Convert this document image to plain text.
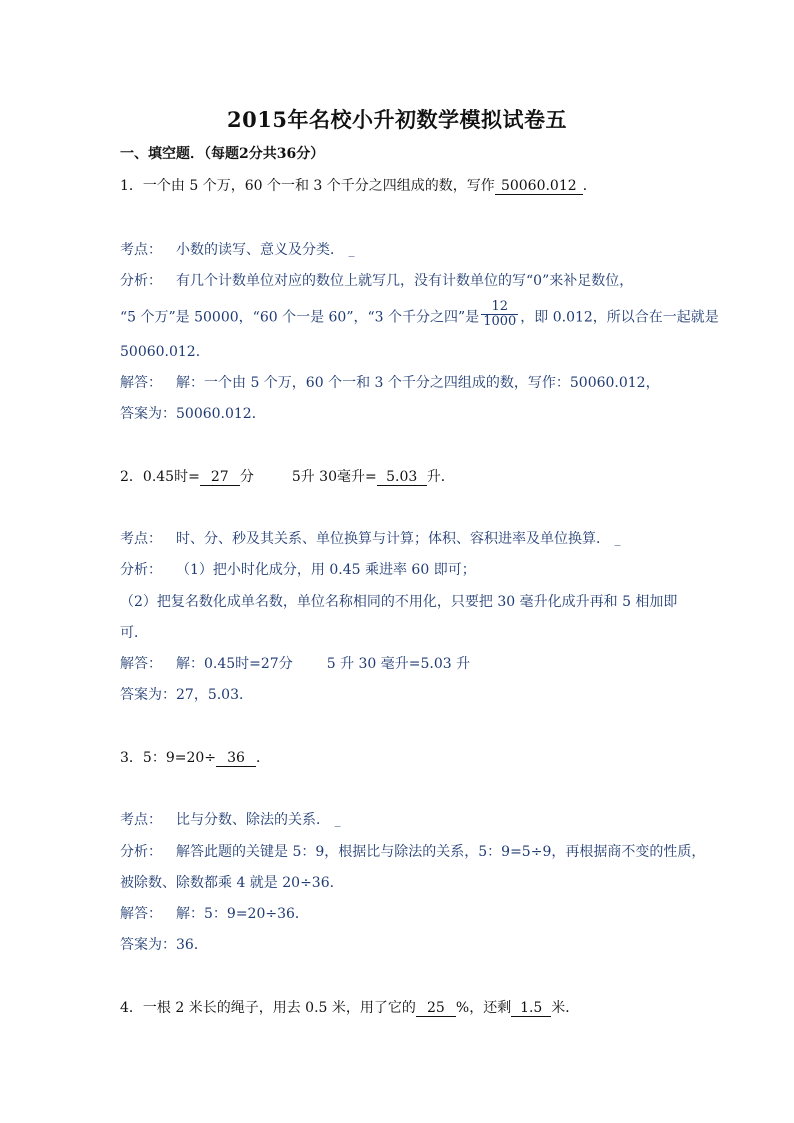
2015年名校小升初数学模拟试卷五
一、填空题．（每题2分共36分）
1．一个由 5 个万，60 个一和 3 个千分之四组成的数，写作 50060.012 ．
考点： 小数的读写、意义及分类． _
分析： 有几个计数单位对应的数位上就写几，没有计数单位的写“0”来补足数位，
“5 个万”是 50000，“60 个一是 60”，“3 个千分之四”是 $\frac{12}{1000}$ ，即 0.012，所以合在一起就是
50060.012．
解答： 解：一个由 5 个万，60 个一和 3 个千分之四组成的数，写作：50060.012，
答案为：50060.012．
2．0.45时= 27 分	5升 30毫升= 5.03 升．
考点： 时、分、秒及其关系、单位换算与计算；体积、容积进率及单位换算． _
分析： （1）把小时化成分，用 0.45 乘进率 60 即可；
（2）把复名数化成单名数，单位名称相同的不用化，只要把 30 毫升化成升再和 5 相加即
可．
解答： 解：0.45时=27分 5 升 30 毫升=5.03 升
答案为：27，5.03．
3．5：9=20÷ 36 ．
考点： 比与分数、除法的关系． _
分析： 解答此题的关键是 5：9，根据比与除法的关系，5：9=5÷9，再根据商不变的性质，
被除数、除数都乘 4 就是 20÷36．
解答： 解：5：9=20÷36．
答案为：36．
4．一根 2 米长的绳子，用去 0.5 米，用了它的 25 %，还剩 1.5 米．
